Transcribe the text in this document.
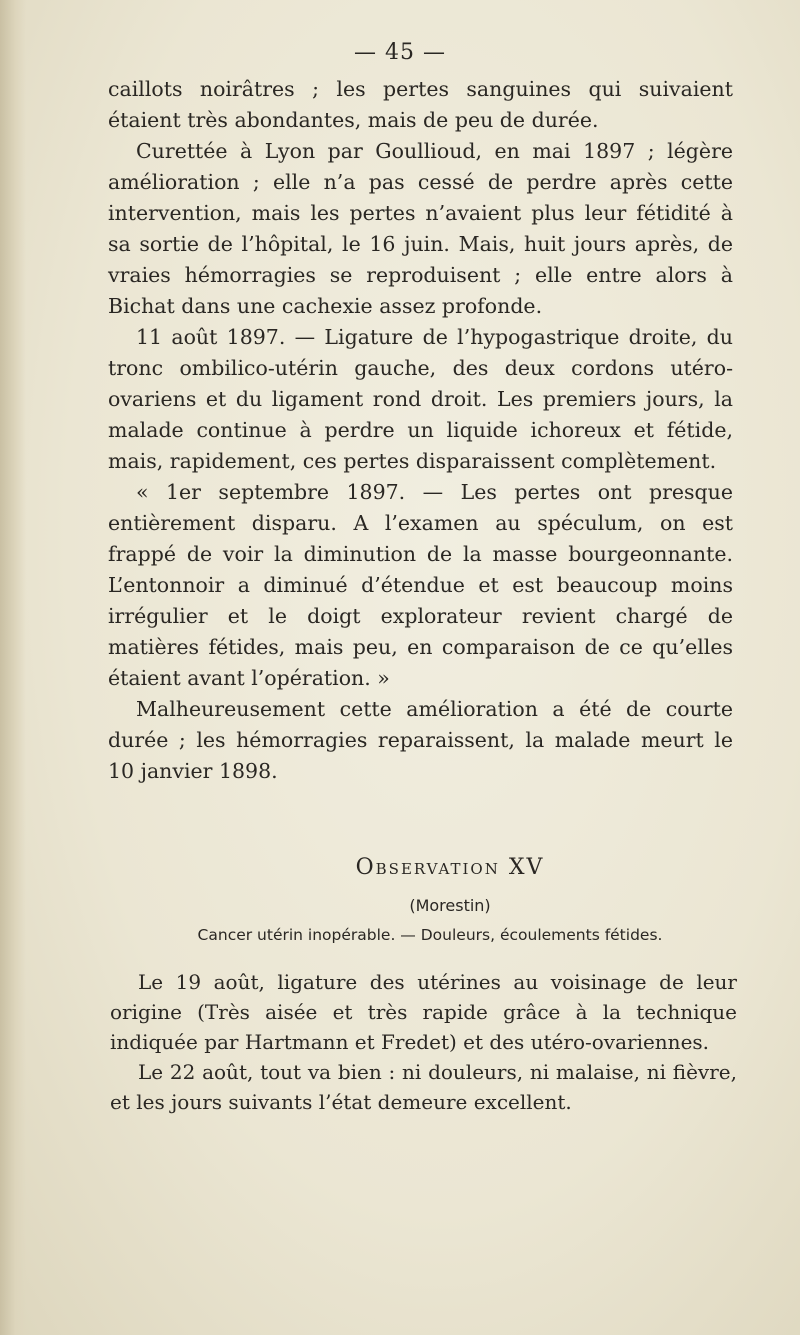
— 45 —

caillots noirâtres ; les pertes sanguines qui suivaient étaient très abondantes, mais de peu de durée.

Curettée à Lyon par Goullioud, en mai 1897 ; légère amélioration ; elle n’a pas cessé de perdre après cette intervention, mais les pertes n’avaient plus leur fétidité à sa sortie de l’hôpital, le 16 juin. Mais, huit jours après, de vraies hémorragies se reproduisent ; elle entre alors à Bichat dans une cachexie assez profonde.

11 août 1897. — Ligature de l’hypogastrique droite, du tronc ombilico-utérin gauche, des deux cordons utéro-ovariens et du ligament rond droit. Les premiers jours, la malade continue à perdre un liquide ichoreux et fétide, mais, rapidement, ces pertes disparaissent complètement.

« 1er septembre 1897. — Les pertes ont presque entièrement disparu. A l’examen au spéculum, on est frappé de voir la diminution de la masse bourgeonnante. L’entonnoir a diminué d’étendue et est beaucoup moins irrégulier et le doigt explorateur revient chargé de matières fétides, mais peu, en comparaison de ce qu’elles étaient avant l’opération. »

Malheureusement cette amélioration a été de courte durée ; les hémorragies reparaissent, la malade meurt le 10 janvier 1898.

Observation XV
(Morestin)
Cancer utérin inopérable. — Douleurs, écoulements fétides.

Le 19 août, ligature des utérines au voisinage de leur origine (Très aisée et très rapide grâce à la technique indiquée par Hartmann et Fredet) et des utéro-ovariennes.

Le 22 août, tout va bien : ni douleurs, ni malaise, ni fièvre, et les jours suivants l’état demeure excellent.
